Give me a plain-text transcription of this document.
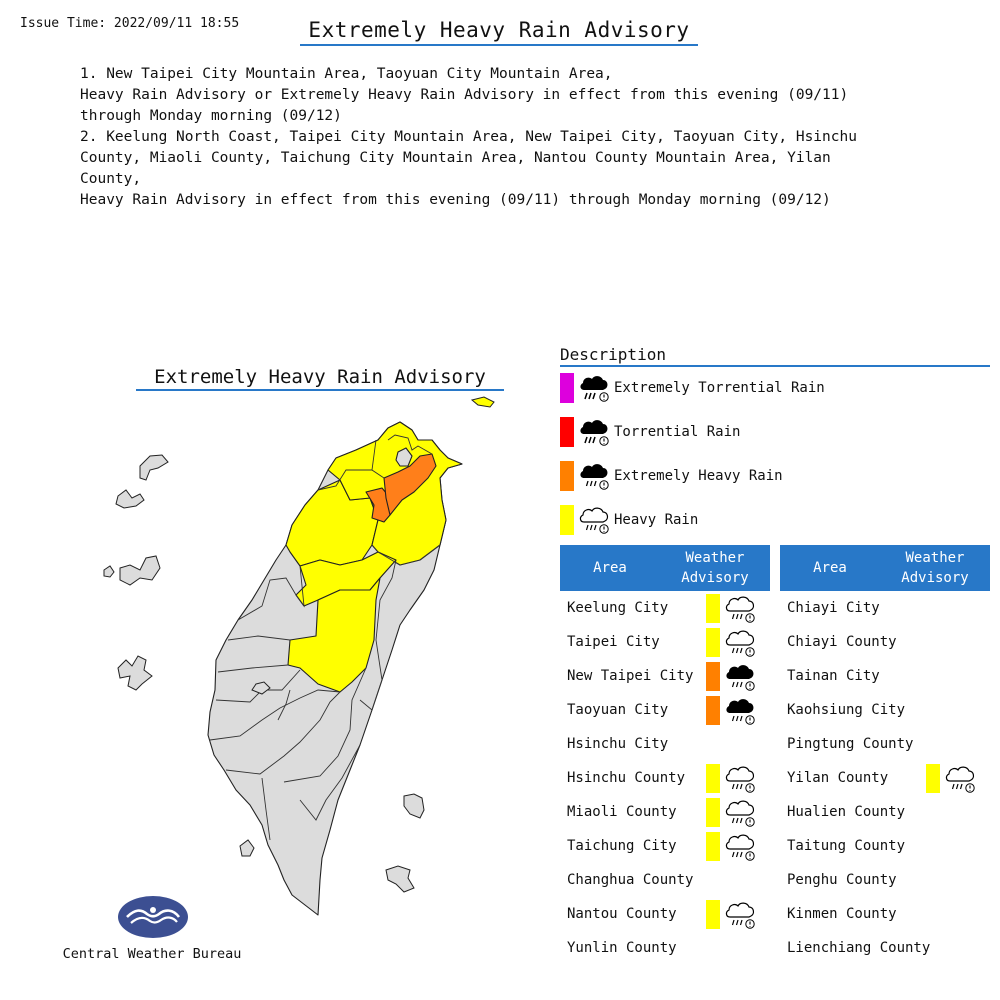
Issue Time: 2022/09/11 18:55	Extremely Heavy Rain Advisory

1. New Taipei City Mountain Area, Taoyuan City Mountain Area,
Heavy Rain Advisory or Extremely Heavy Rain Advisory in effect from this evening (09/11)
through Monday morning (09/12)

2. Keelung North Coast, Taipei City Mountain Area, New Taipei City, Taoyuan City, Hsinchu
County, Miaoli County, Taichung City Mountain Area, Nantou County Mountain Area, Yilan
County,
Heavy Rain Advisory in effect from this evening (09/11) through Monday morning (09/12)

Extremely Heavy Rain Advisory
Central Weather Bureau
Description
Extremely Torrential Rain
Torrential Rain
Extremely Heavy Rain
Heavy Rain
Area
Weather
Advisory
Keelung City
Taipei City
New Taipei City
Taoyuan City
Hsinchu City
Hsinchu County
Miaoli County
Taichung City
Changhua County
Nantou County
Yunlin County
Area
Weather
Advisory
Chiayi City
Chiayi County
Tainan City
Kaohsiung City
Pingtung County
Yilan County
Hualien County
Taitung County
Penghu County
Kinmen County
Lienchiang County
